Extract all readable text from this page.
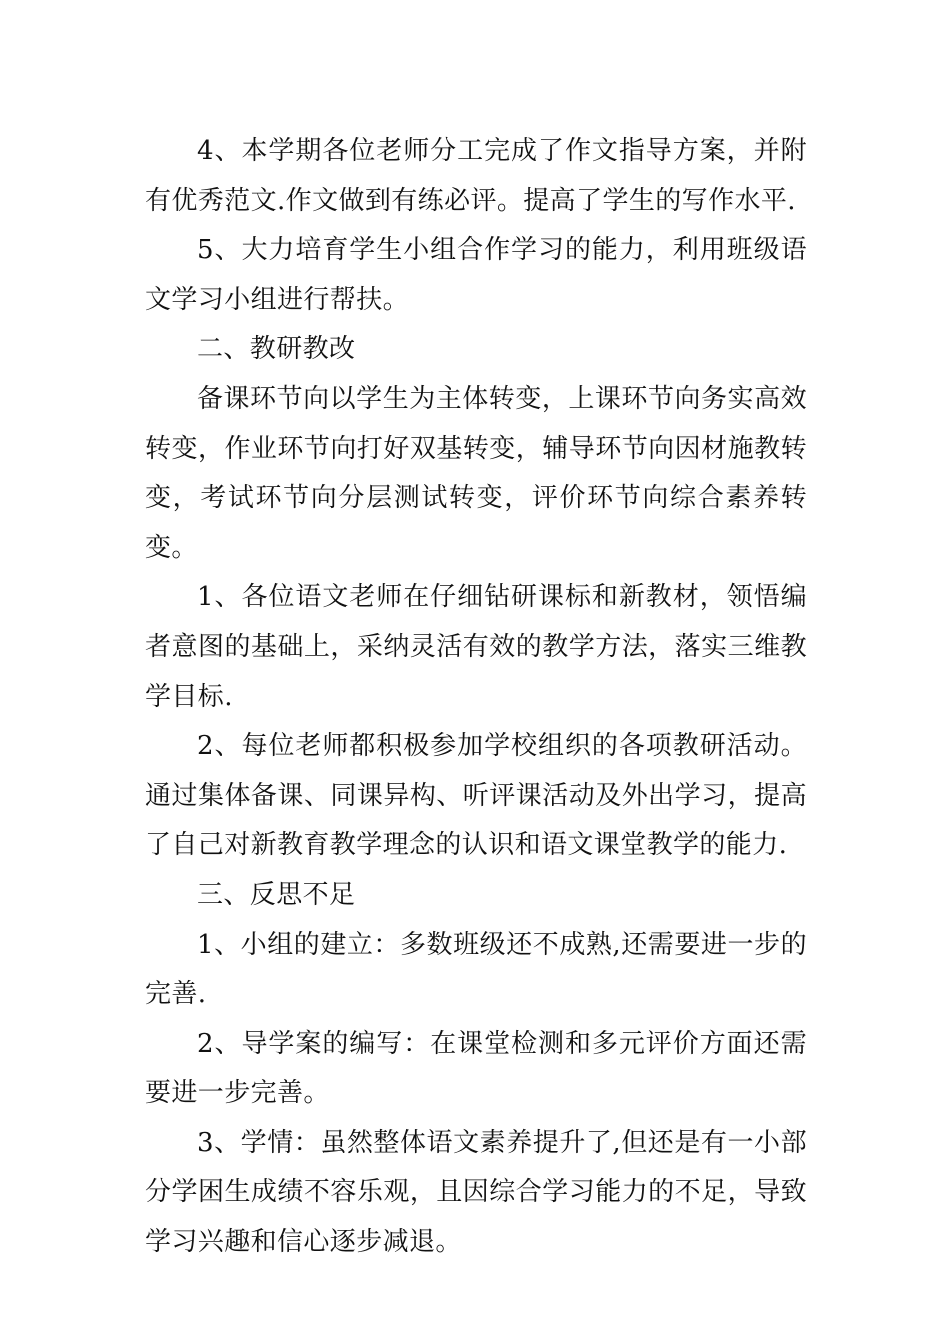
4、本学期各位老师分工完成了作文指导方案，并附有优秀范文.作文做到有练必评。提高了学生的写作水平.

5、大力培育学生小组合作学习的能力，利用班级语文学习小组进行帮扶。

二、教研教改

备课环节向以学生为主体转变，上课环节向务实高效转变，作业环节向打好双基转变，辅导环节向因材施教转变，考试环节向分层测试转变，评价环节向综合素养转变。

1、各位语文老师在仔细钻研课标和新教材，领悟编者意图的基础上，采纳灵活有效的教学方法，落实三维教学目标.

2、每位老师都积极参加学校组织的各项教研活动。通过集体备课、同课异构、听评课活动及外出学习，提高了自己对新教育教学理念的认识和语文课堂教学的能力.

三、反思不足

1、小组的建立：多数班级还不成熟,还需要进一步的完善.

2、导学案的编写：在课堂检测和多元评价方面还需要进一步完善。

3、学情：虽然整体语文素养提升了,但还是有一小部分学困生成绩不容乐观，且因综合学习能力的不足，导致学习兴趣和信心逐步减退。
